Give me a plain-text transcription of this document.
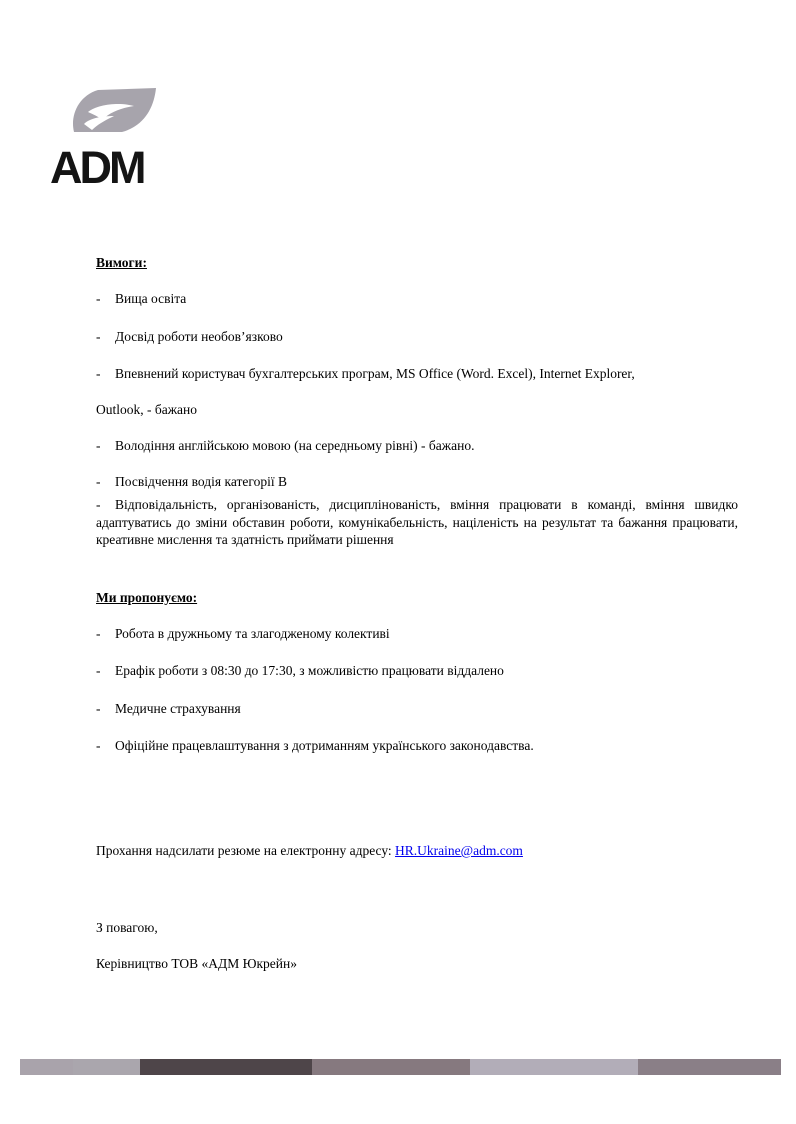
ADM
Вимоги:
- Вища освіта
- Досвід роботи необов’язково
- Впевнений користувач бухгалтерських програм, MS Office (Word. Excel), Internet Explorer,
Outlook, - бажано
- Володіння англійською мовою (на середньому рівні) - бажано.
- Посвідчення водія категорії В
- Відповідальність, організованість, дисциплінованість, вміння працювати в команді, вміння швидко адаптуватись до зміни обставин роботи, комунікабельність, націленість на результат та бажання працювати, креативне мислення та здатність приймати рішення
Ми пропонуємо:
- Робота в дружньому та злагодженому колективі
- Ерафік роботи з 08:30 до 17:30, з можливістю працювати віддалено
- Медичне страхування
- Офіційне працевлаштування з дотриманням українського законодавства.
Прохання надсилати резюме на електронну адресу: HR.Ukraine@adm.com
З повагою,
Керівництво ТОВ «АДМ Юкрейн»
